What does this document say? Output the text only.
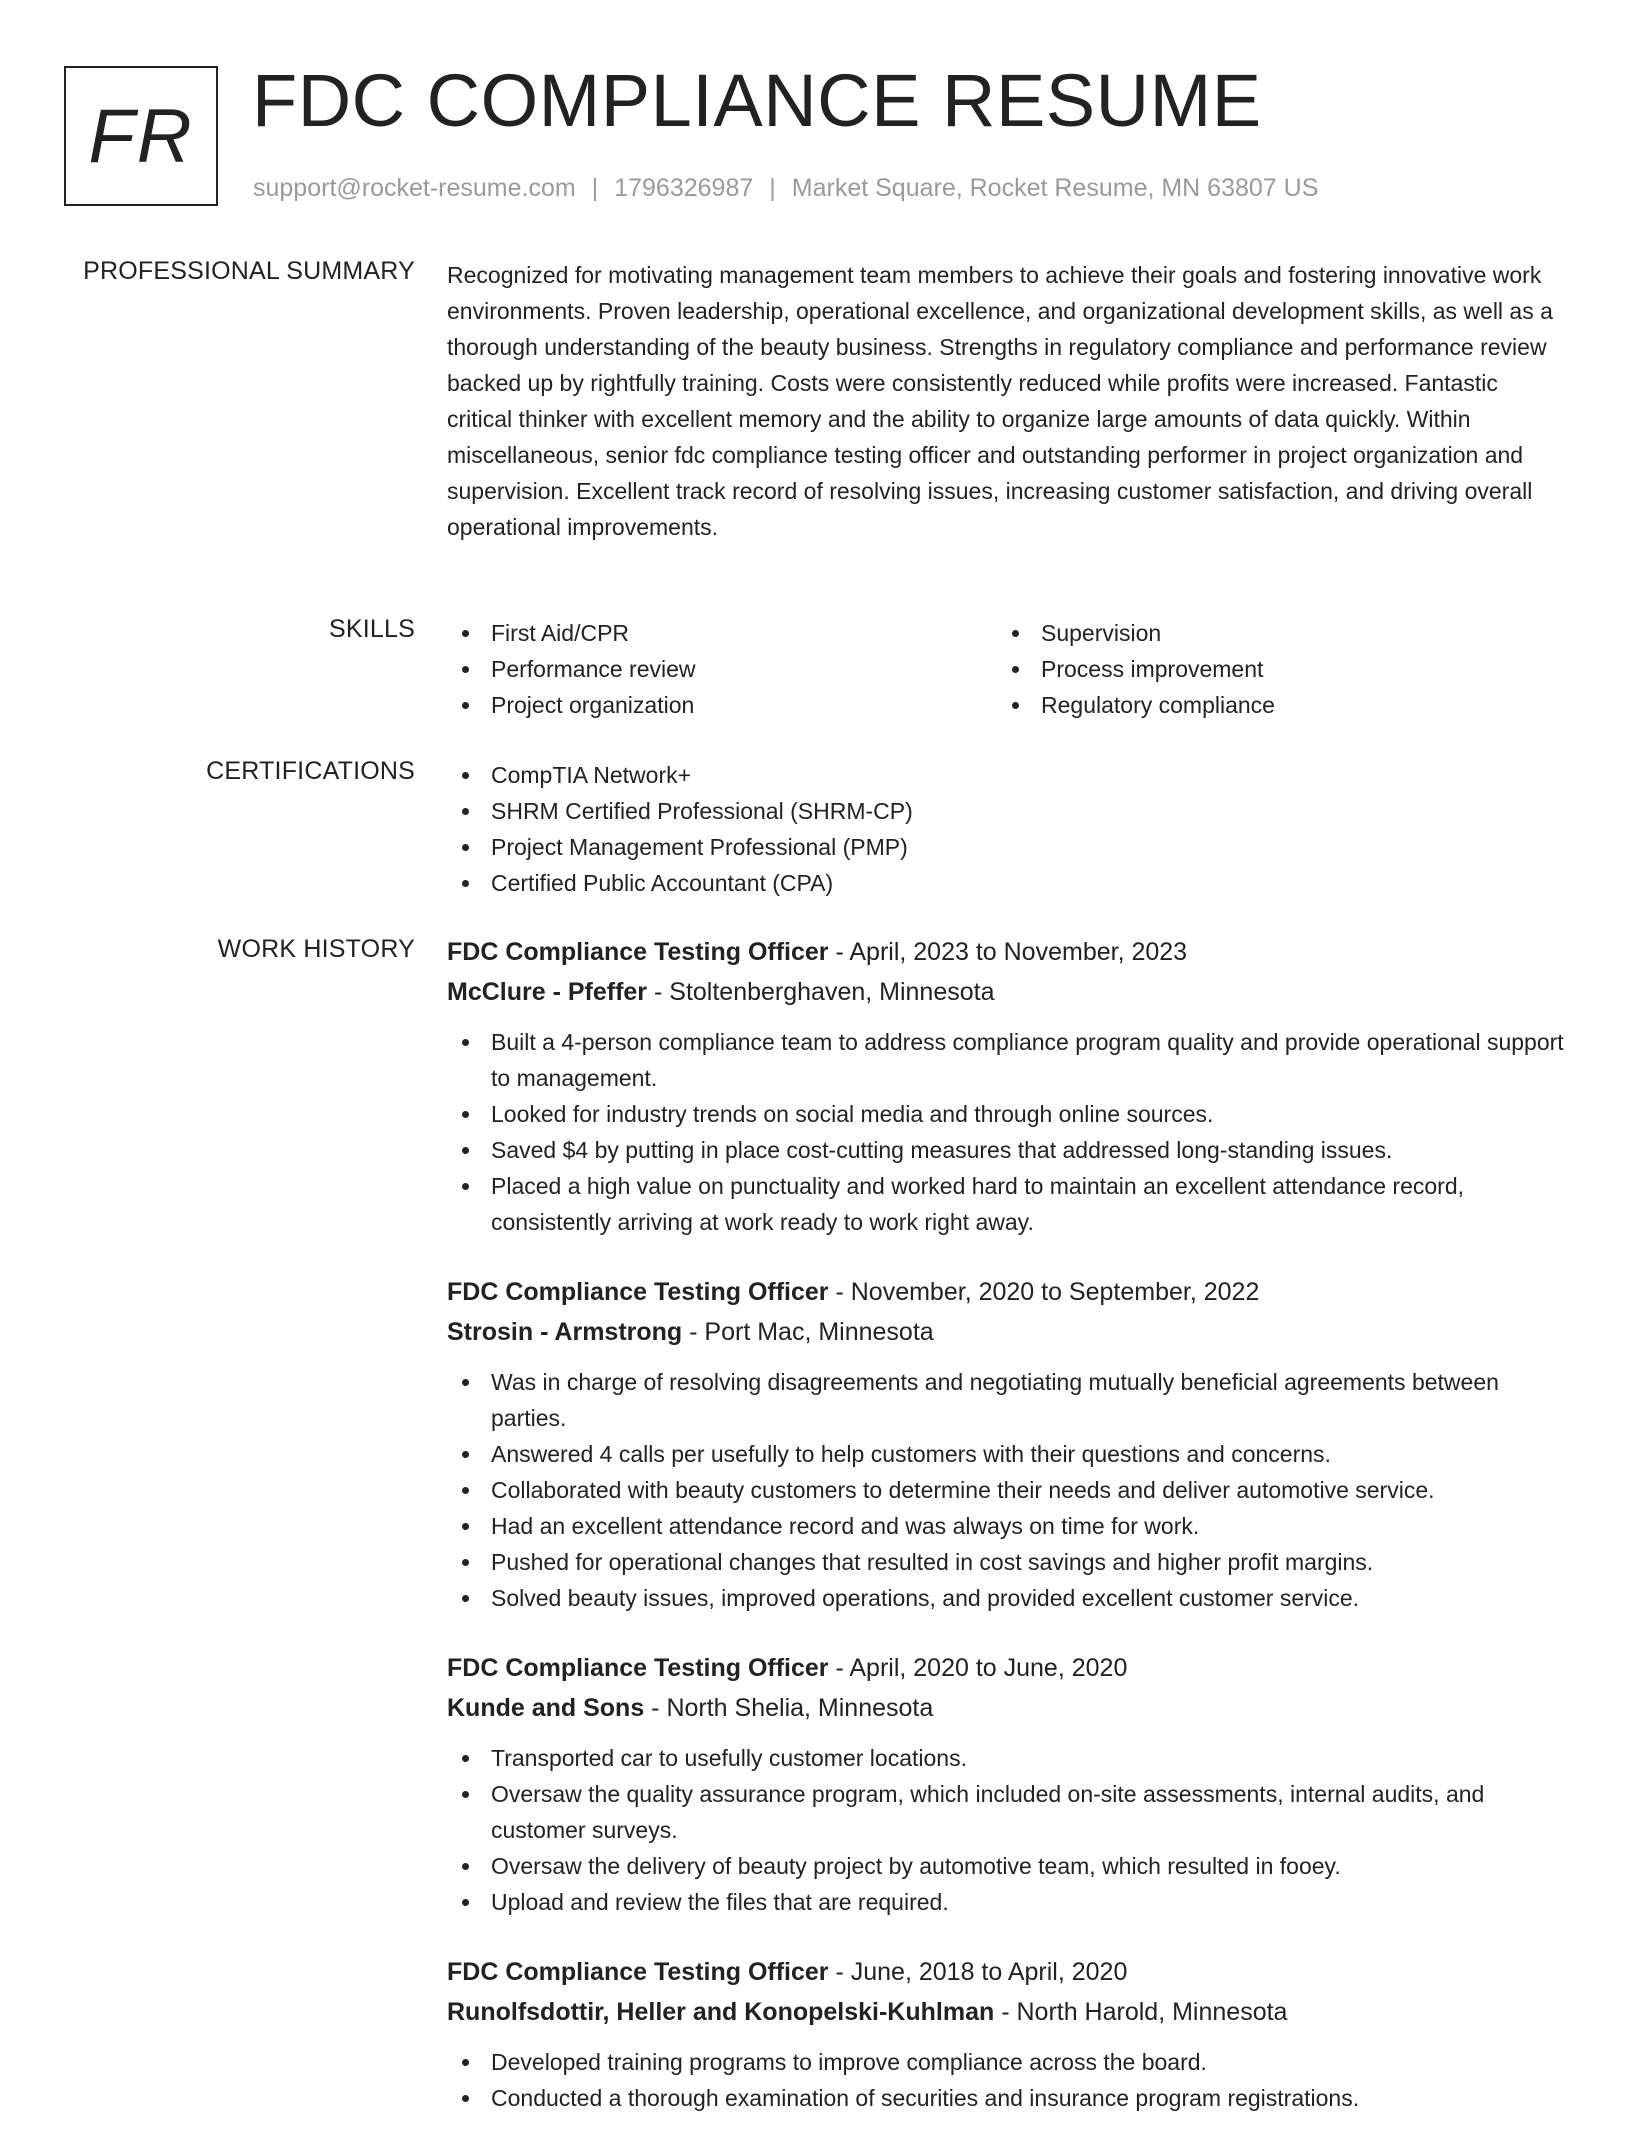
FR FDC COMPLIANCE RESUME
support@rocket-resume.com | 1796326987 | Market Square, Rocket Resume, MN 63807 US
PROFESSIONAL SUMMARY Recognized for motivating management team members to achieve their goals and fostering innovative work environments. Proven leadership, operational excellence, and organizational development skills, as well as a thorough understanding of the beauty business. Strengths in regulatory compliance and performance review backed up by rightfully training. Costs were consistently reduced while profits were increased. Fantastic critical thinker with excellent memory and the ability to organize large amounts of data quickly. Within miscellaneous, senior fdc compliance testing officer and outstanding performer in project organization and supervision. Excellent track record of resolving issues, increasing customer satisfaction, and driving overall operational improvements.

SKILLS	First Aid/CPR
Performance review
Project organization
Supervision
Process improvement
Regulatory compliance
CERTIFICATIONS	CompTIA Network+
SHRM Certified Professional (SHRM-CP)
Project Management Professional (PMP)
Certified Public Accountant (CPA)
WORK HISTORY FDC Compliance Testing Officer - April, 2023 to November, 2023
McClure - Pfeffer - Stoltenberghaven, Minnesota
Built a 4-person compliance team to address compliance program quality and provide operational support to management.
Looked for industry trends on social media and through online sources.
Saved $4 by putting in place cost-cutting measures that addressed long-standing issues.
Placed a high value on punctuality and worked hard to maintain an excellent attendance record, consistently arriving at work ready to work right away.
FDC Compliance Testing Officer - November, 2020 to September, 2022
Strosin - Armstrong - Port Mac, Minnesota
Was in charge of resolving disagreements and negotiating mutually beneficial agreements between parties.
Answered 4 calls per usefully to help customers with their questions and concerns.
Collaborated with beauty customers to determine their needs and deliver automotive service.
Had an excellent attendance record and was always on time for work.
Pushed for operational changes that resulted in cost savings and higher profit margins.
Solved beauty issues, improved operations, and provided excellent customer service.
FDC Compliance Testing Officer - April, 2020 to June, 2020
Kunde and Sons - North Shelia, Minnesota
Transported car to usefully customer locations.
Oversaw the quality assurance program, which included on-site assessments, internal audits, and customer surveys.
Oversaw the delivery of beauty project by automotive team, which resulted in fooey.
Upload and review the files that are required.
FDC Compliance Testing Officer - June, 2018 to April, 2020
Runolfsdottir, Heller and Konopelski-Kuhlman - North Harold, Minnesota
Developed training programs to improve compliance across the board.
Conducted a thorough examination of securities and insurance program registrations.
